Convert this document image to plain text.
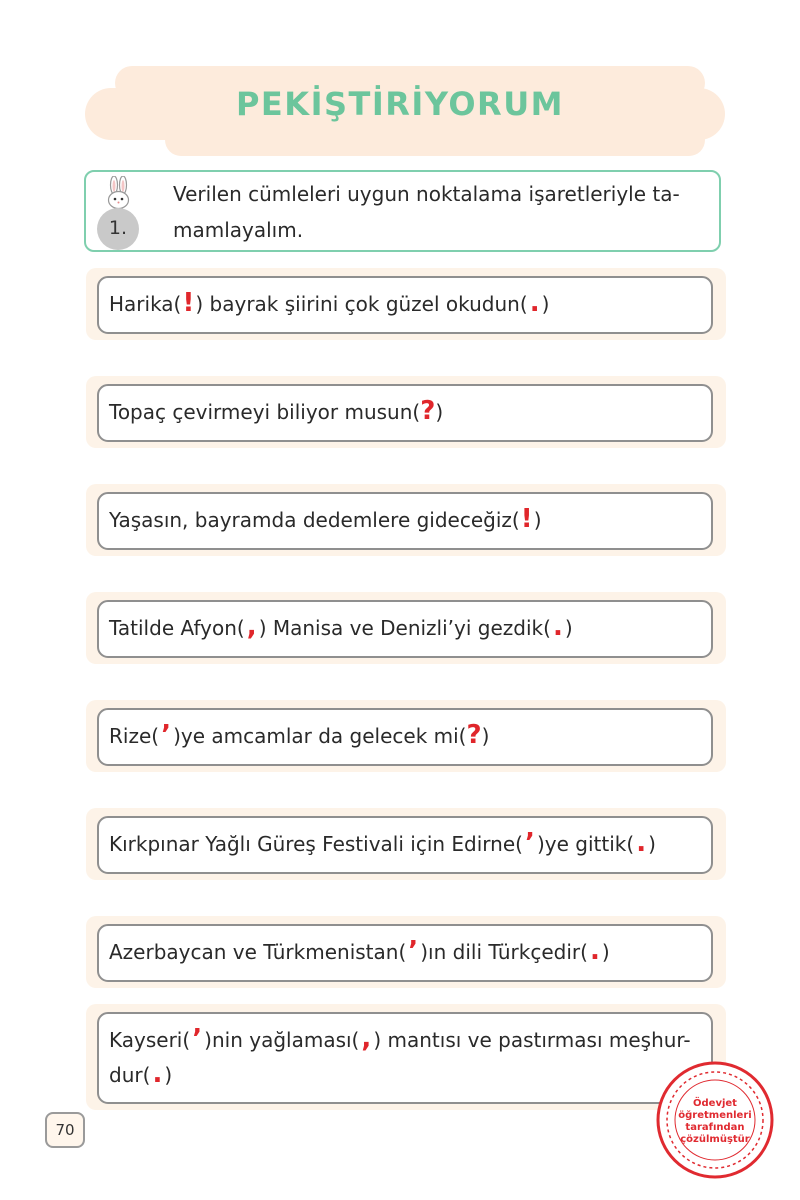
PEKİŞTİRİYORUM
1.
Verilen cümleleri uygun noktalama işaretleriyle ta-
mamlayalım.
Harika(!) bayrak şiirini çok güzel okudun(. )
Topaç çevirmeyi biliyor musun(?)
Yaşasın, bayramda dedemlere gideceğiz(!)
Tatilde Afyon(, ) Manisa ve Denizli’yi gezdik(. )
Rize(’ )ye amcamlar da gelecek mi(?)
Kırkpınar Yağlı Güreş Festivali için Edirne(’ )ye gittik(. )
Azerbaycan ve Türkmenistan(’ )ın dili Türkçedir(. )
Kayseri(’ )nin yağlaması(, ) mantısı ve pastırması meşhur-
dur(. )
70
Ödevjet
öğretmenleri
tarafından
çözülmüştür
